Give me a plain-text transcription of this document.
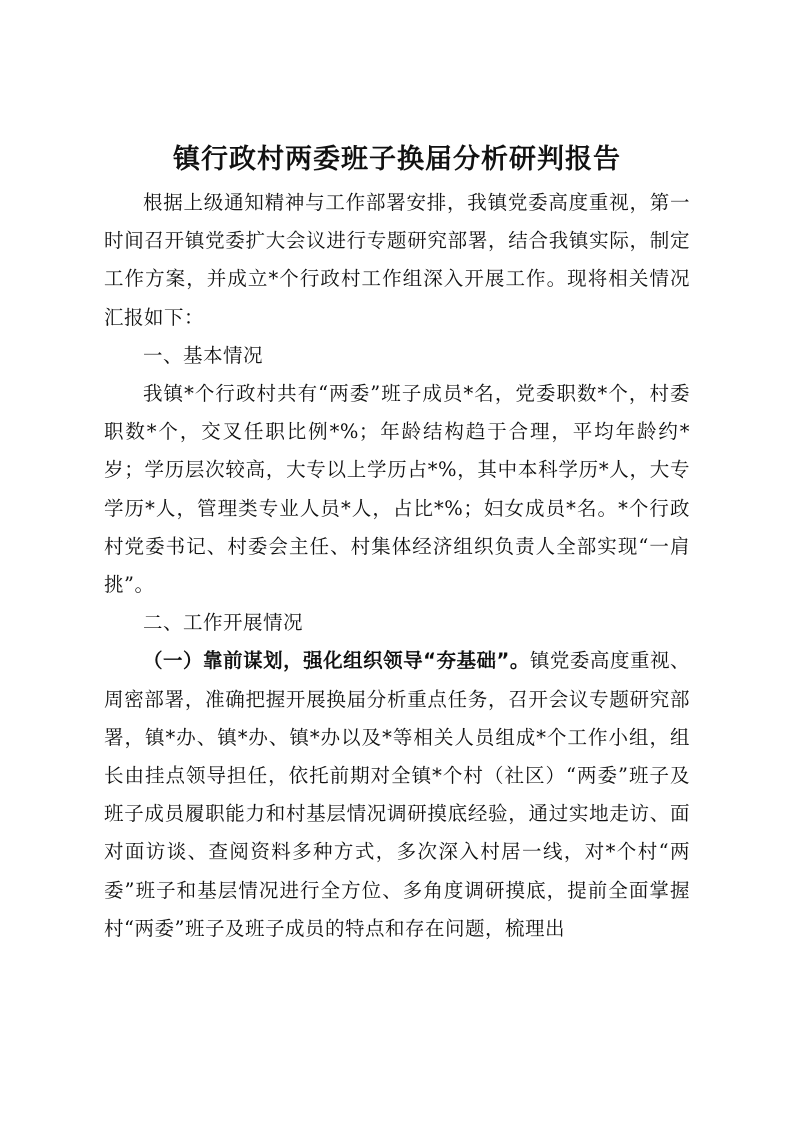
镇行政村两委班子换届分析研判报告

根据上级通知精神与工作部署安排，我镇党委高度重视，第一时间召开镇党委扩大会议进行专题研究部署，结合我镇实际，制定工作方案，并成立*个行政村工作组深入开展工作。现将相关情况汇报如下：

一、基本情况

我镇*个行政村共有“两委”班子成员*名，党委职数*个，村委职数*个，交叉任职比例*%；年龄结构趋于合理，平均年龄约*岁；学历层次较高，大专以上学历占*%，其中本科学历*人，大专学历*人，管理类专业人员*人，占比*%；妇女成员*名。*个行政村党委书记、村委会主任、村集体经济组织负责人全部实现“一肩挑”。

二、工作开展情况

（一）靠前谋划，强化组织领导“夯基础”。镇党委高度重视、周密部署，准确把握开展换届分析重点任务，召开会议专题研究部署，镇*办、镇*办、镇*办以及*等相关人员组成*个工作小组，组长由挂点领导担任，依托前期对全镇*个村（社区）“两委”班子及班子成员履职能力和村基层情况调研摸底经验，通过实地走访、面对面访谈、查阅资料多种方式，多次深入村居一线，对*个村“两委”班子和基层情况进行全方位、多角度调研摸底，提前全面掌握村“两委”班子及班子成员的特点和存在问题，梳理出
